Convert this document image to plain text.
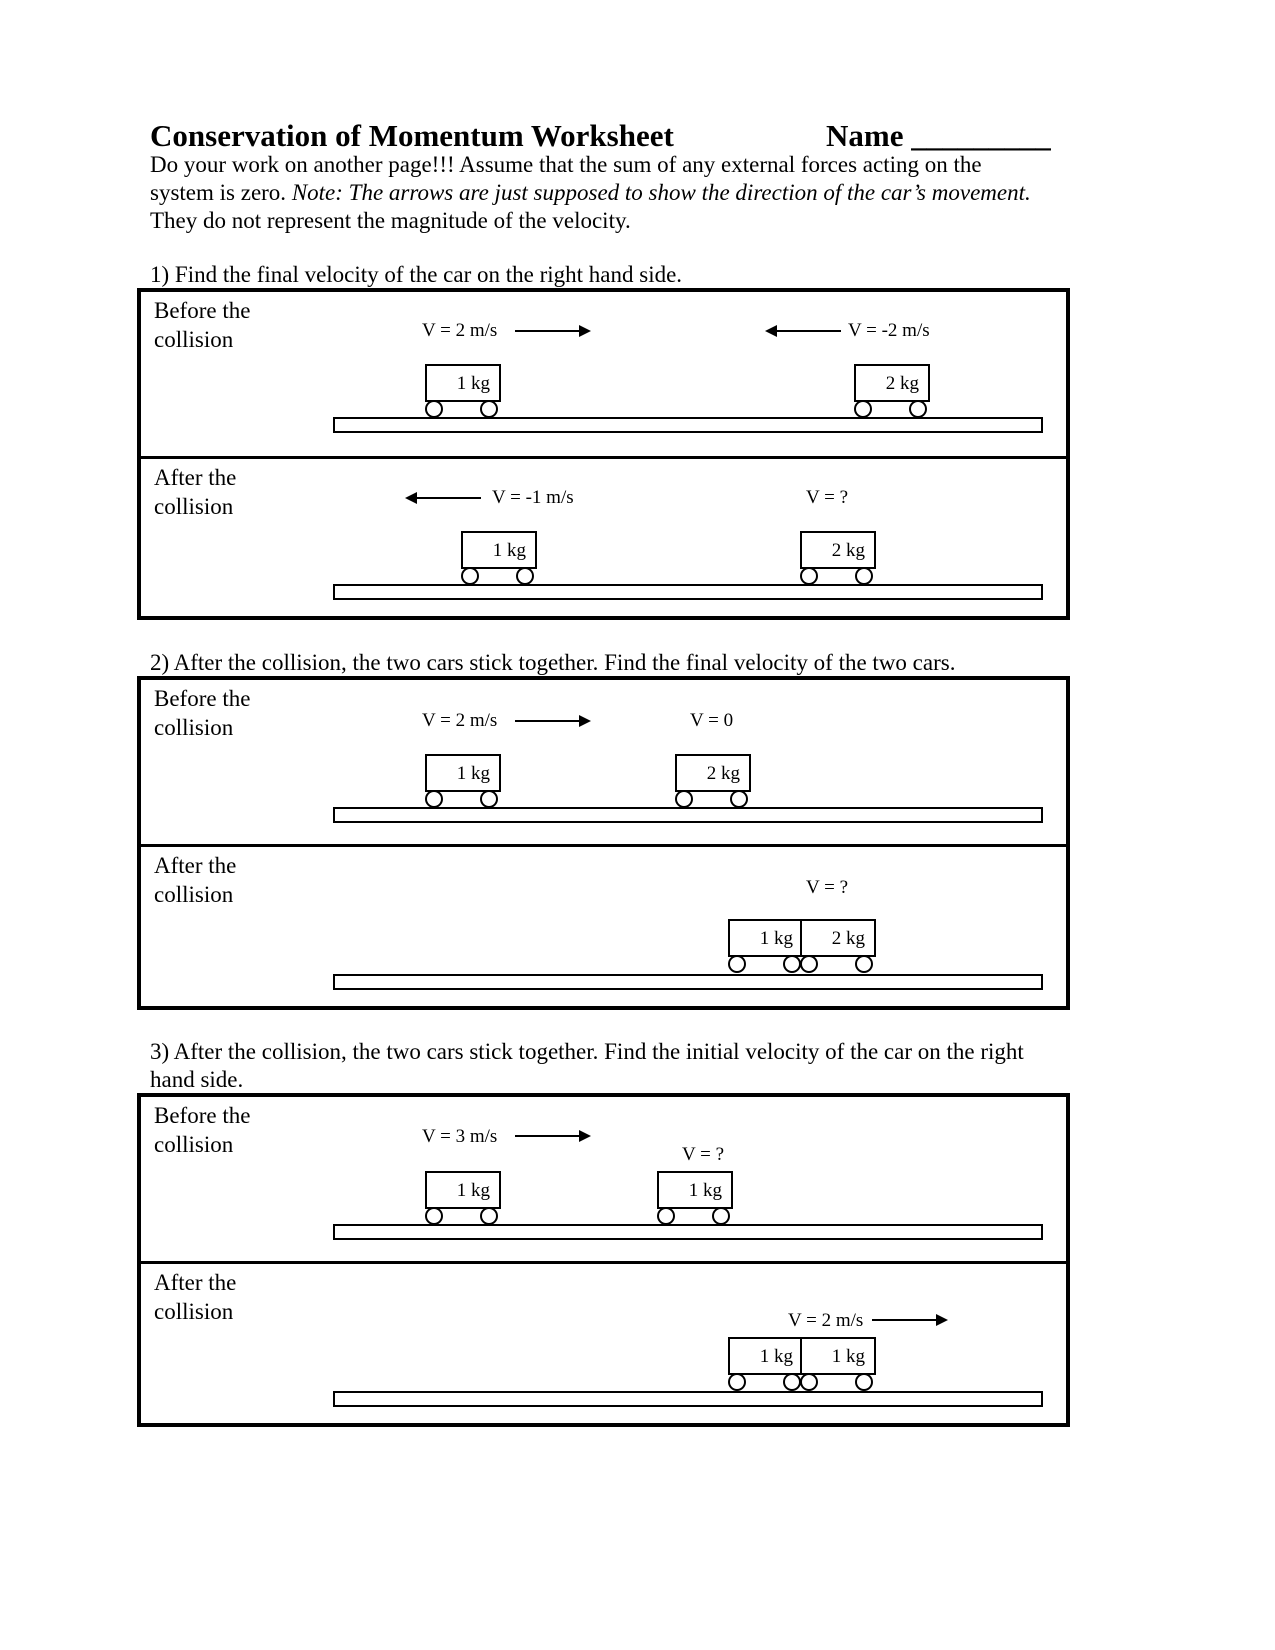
Conservation of Momentum Worksheet	Name _________
Do your work on another page!!! Assume that the sum of any external forces acting on the
system is zero. Note: The arrows are just supposed to show the direction of the car’s movement.
They do not represent the magnitude of the velocity.
1) Find the final velocity of the car on the right hand side.
Before the
collision	V = 2 m/s	V = -2 m/s
1 kg	2 kg
After the
collision	V = -1 m/s	V = ?
1 kg	2 kg
2) After the collision, the two cars stick together. Find the final velocity of the two cars.
Before the
collision	V = 2 m/s	V = 0
1 kg	2 kg
After the
collision	V = ?
1 kg	2 kg
3) After the collision, the two cars stick together. Find the initial velocity of the car on the right
hand side.
Before the
collision	V = 3 m/s
V = ?
1 kg	1 kg
After the
collision	V = 2 m/s
1 kg	1 kg
